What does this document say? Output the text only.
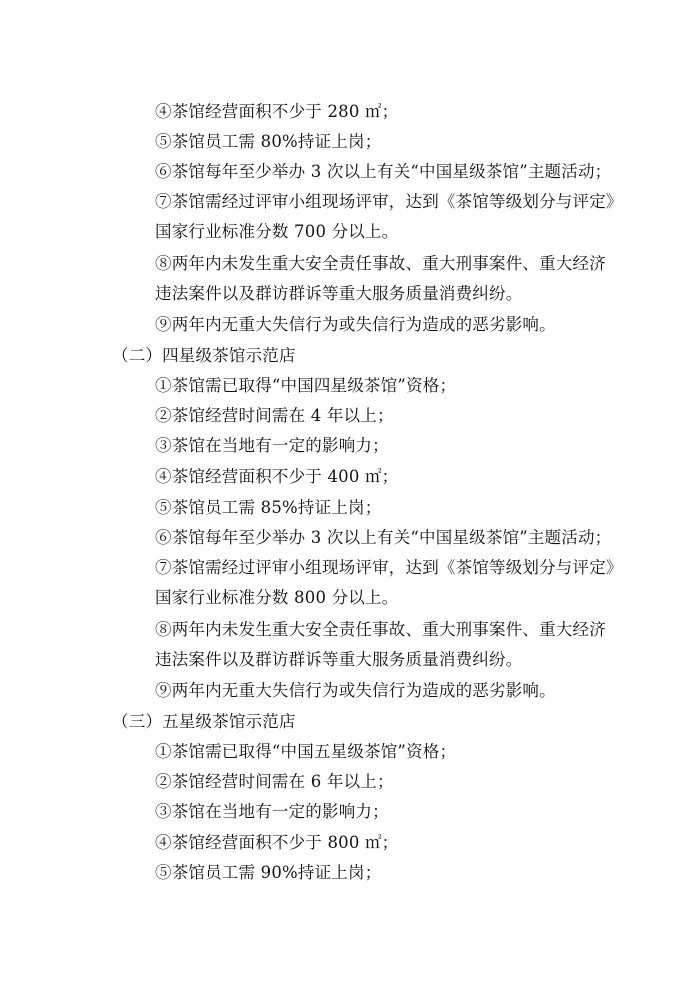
④茶馆经营面积不少于 280 ㎡；
⑤茶馆员工需 80%持证上岗；
⑥茶馆每年至少举办 3 次以上有关“中国星级茶馆”主题活动；
⑦茶馆需经过评审小组现场评审，达到《茶馆等级划分与评定》
国家行业标准分数 700 分以上。
⑧两年内未发生重大安全责任事故、重大刑事案件、重大经济
违法案件以及群访群诉等重大服务质量消费纠纷。
⑨两年内无重大失信行为或失信行为造成的恶劣影响。
（二）四星级茶馆示范店
①茶馆需已取得“中国四星级茶馆”资格；
②茶馆经营时间需在 4 年以上；
③茶馆在当地有一定的影响力；
④茶馆经营面积不少于 400 ㎡；
⑤茶馆员工需 85%持证上岗；
⑥茶馆每年至少举办 3 次以上有关“中国星级茶馆”主题活动；
⑦茶馆需经过评审小组现场评审，达到《茶馆等级划分与评定》
国家行业标准分数 800 分以上。
⑧两年内未发生重大安全责任事故、重大刑事案件、重大经济
违法案件以及群访群诉等重大服务质量消费纠纷。
⑨两年内无重大失信行为或失信行为造成的恶劣影响。
（三）五星级茶馆示范店
①茶馆需已取得“中国五星级茶馆”资格；
②茶馆经营时间需在 6 年以上；
③茶馆在当地有一定的影响力；
④茶馆经营面积不少于 800 ㎡；
⑤茶馆员工需 90%持证上岗；
